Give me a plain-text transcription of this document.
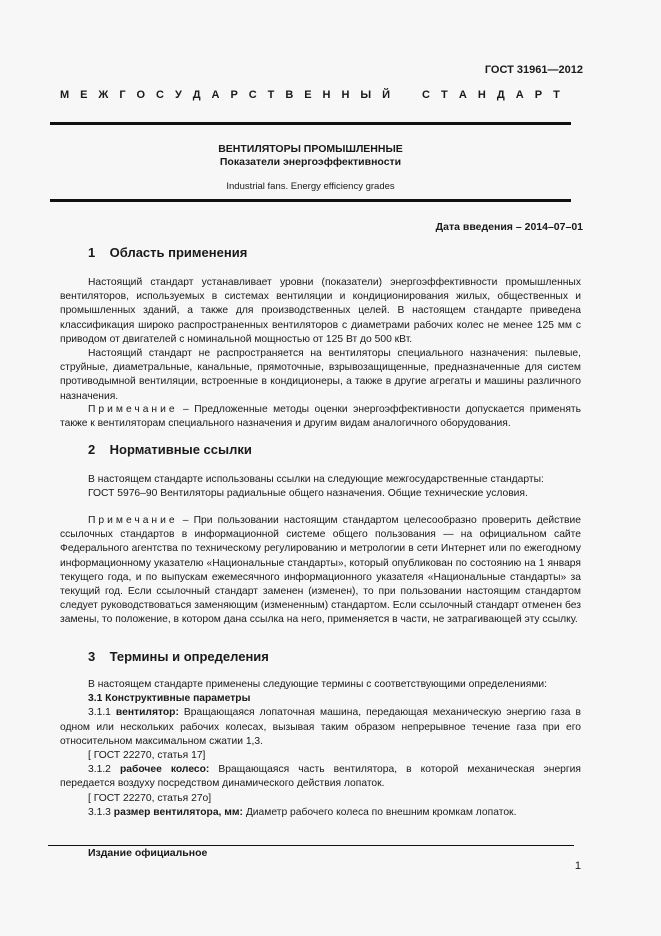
ГОСТ 31961—2012
М Е Ж Г О С У Д А Р С Т В Е Н Н Ы Й	С Т А Н Д А Р Т
ВЕНТИЛЯТОРЫ ПРОМЫШЛЕННЫЕ
Показатели энергоэффективности
Industrial fans. Energy efficiency grades
Дата введения – 2014–07–01
1 Область применения

Настоящий стандарт устанавливает уровни (показатели) энергоэффективности промышленных вентиляторов, используемых в системах вентиляции и кондиционирования жилых, общественных и промышленных зданий, а также для производственных целей. В настоящем стандарте приведена классификация широко распространенных вентиляторов с диаметрами рабочих колес не менее 125 мм с приводом от двигателей с номинальной мощностью от 125 Вт до 500 кВт.

Настоящий стандарт не распространяется на вентиляторы специального назначения: пылевые, струйные, диаметральные, канальные, прямоточные, взрывозащищенные, предназначенные для систем противодымной вентиляции, встроенные в кондиционеры, а также в другие агрегаты и машины различного назначения.

Примечание – Предложенные методы оценки энергоэффективности допускается применять также к вентиляторам специального назначения и другим видам аналогичного оборудования.

2 Нормативные ссылки

В настоящем стандарте использованы ссылки на следующие межгосударственные стандарты:

ГОСТ 5976–90 Вентиляторы радиальные общего назначения. Общие технические условия.

Примечание – При пользовании настоящим стандартом целесообразно проверить действие ссылочных стандартов в информационной системе общего пользования — на официальном сайте Федерального агентства по техническому регулированию и метрологии в сети Интернет или по ежегодному информационному указателю «Национальные стандарты», который опубликован по состоянию на 1 января текущего года, и по выпускам ежемесячного информационного указателя «Национальные стандарты» за текущий год. Если ссылочный стандарт заменен (изменен), то при пользовании настоящим стандартом следует руководствоваться заменяющим (измененным) стандартом. Если ссылочный стандарт отменен без замены, то положение, в котором дана ссылка на него, применяется в части, не затрагивающей эту ссылку.

3 Термины и определения

В настоящем стандарте применены следующие термины с соответствующими определениями:

3.1 Конструктивные параметры

3.1.1 вентилятор: Вращающаяся лопаточная машина, передающая механическую энергию газа в одном или нескольких рабочих колесах, вызывая таким образом непрерывное течение газа при его относительном максимальном сжатии 1,3.

[ ГОСТ 22270, статья 17]

3.1.2 рабочее колесо: Вращающаяся часть вентилятора, в которой механическая энергия передается воздуху посредством динамического действия лопаток.

[ ГОСТ 22270, статья 27о]

3.1.3 размер вентилятора, мм: Диаметр рабочего колеса по внешним кромкам лопаток.

Издание официальное
1
